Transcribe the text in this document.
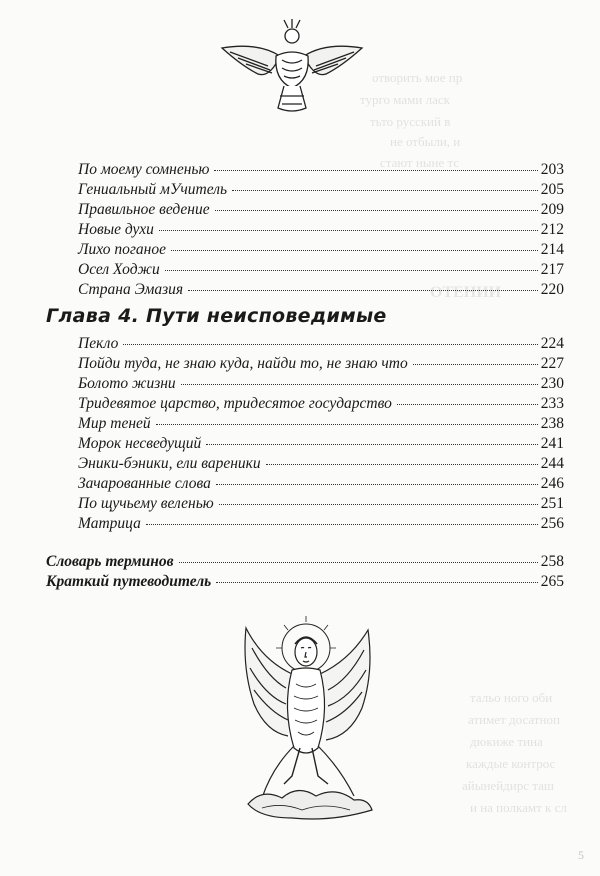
отворить мое пр
турго мами ласк
тьто русский в
не отбыли, и
стают ныне тс
ОТЕНИИ
тальо ного оби
атимет досатноп
дюкиже тина
каждые контрос
айынейдирс таш
и на полкамт к сл
По моему сомненью	203
Гениальный мУчитель	205
Правильное ведение	209
Новые духи	212
Лихо поганое	214
Осел Ходжи	217
Страна Эмазия	220
Глава 4. Пути неисповедимые
Пекло	224
Пойди туда, не знаю куда, найди то, не знаю что	227
Болото жизни	230
Тридевятое царство, тридесятое государство	233
Мир теней	238
Морок несведущий	241
Эники-бэники, ели вареники	244
Зачарованные слова	246
По щучьему веленью	251
Матрица	256
Словарь терминов	258
Краткий путеводитель	265
5
